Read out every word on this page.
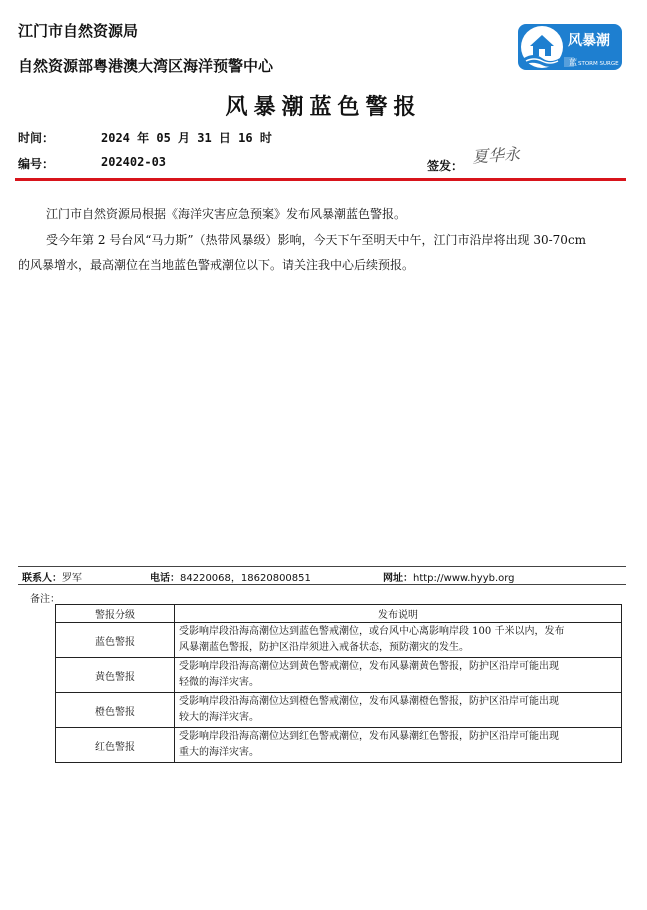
江门市自然资源局
自然资源部粤港澳大湾区海洋预警中心
风暴潮
蓝 STORM SURGE
风暴潮蓝色警报
时间：	2024 年 05 月 31 日 16 时
编号：	202402-03	签发： 夏华永
江门市自然资源局根据《海洋灾害应急预案》发布风暴潮蓝色警报。
受今年第 2 号台风“马力斯”（热带风暴级）影响，今天下午至明天中午，江门市沿岸将出现 30-70cm
的风暴增水，最高潮位在当地蓝色警戒潮位以下。请关注我中心后续预报。
联系人：罗军	电话：84220068，18620800851	网址：http://www.hyyb.org
备注：
警报分级	发布说明
蓝色警报	受影响岸段沿海高潮位达到蓝色警戒潮位，或台风中心离影响岸段 100 千米以内，发布
风暴潮蓝色警报，防护区沿岸须进入戒备状态，预防潮灾的发生。

黄色警报	受影响岸段沿海高潮位达到黄色警戒潮位，发布风暴潮黄色警报，防护区沿岸可能出现
轻微的海洋灾害。

橙色警报	受影响岸段沿海高潮位达到橙色警戒潮位，发布风暴潮橙色警报，防护区沿岸可能出现
较大的海洋灾害。

红色警报	受影响岸段沿海高潮位达到红色警戒潮位，发布风暴潮红色警报，防护区沿岸可能出现
重大的海洋灾害。
